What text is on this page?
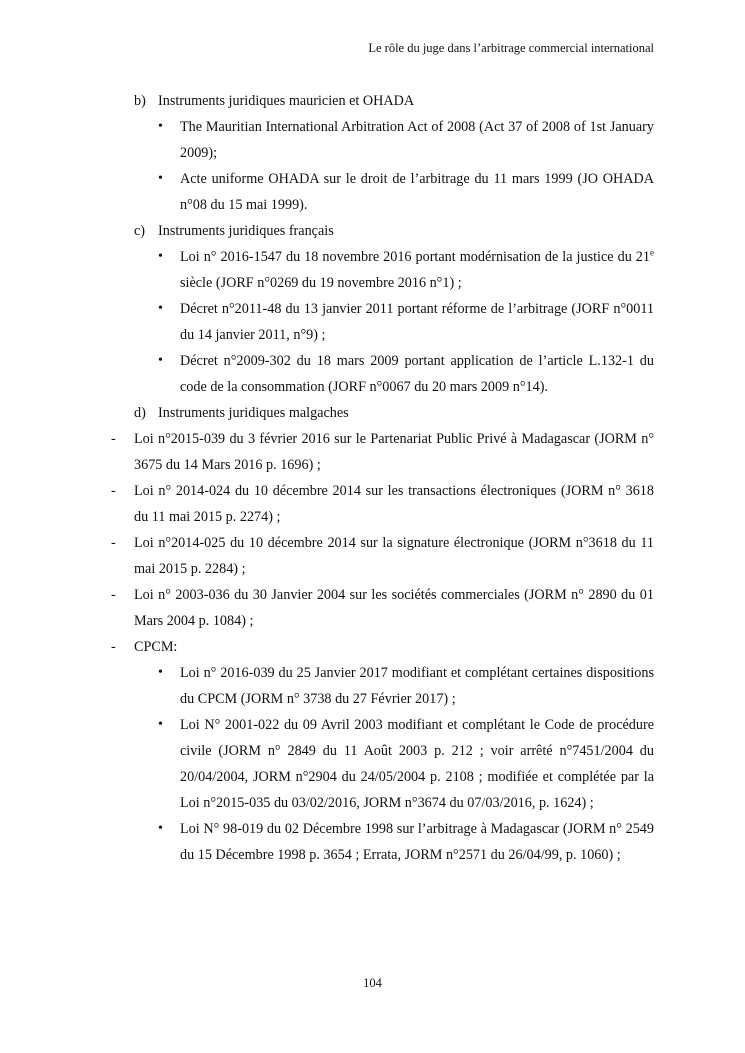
Le rôle du juge dans l’arbitrage commercial international
b) Instruments juridiques mauricien et OHADA
• The Mauritian International Arbitration Act of 2008 (Act 37 of 2008 of 1st January 2009);
• Acte uniforme OHADA sur le droit de l’arbitrage du 11 mars 1999 (JO OHADA n°08 du 15 mai 1999).
c) Instruments juridiques français
• Loi n° 2016-1547 du 18 novembre 2016 portant modérnisation de la justice du 21e siècle (JORF n°0269 du 19 novembre 2016 n°1) ;
• Décret n°2011-48 du 13 janvier 2011 portant réforme de l’arbitrage (JORF n°0011 du 14 janvier 2011, n°9) ;
• Décret n°2009-302 du 18 mars 2009 portant application de l’article L.132-1 du code de la consommation (JORF n°0067 du 20 mars 2009 n°14).
d) Instruments juridiques malgaches
- Loi n°2015-039 du 3 février 2016 sur le Partenariat Public Privé à Madagascar (JORM n° 3675 du 14 Mars 2016 p. 1696) ;
- Loi n° 2014-024 du 10 décembre 2014 sur les transactions électroniques (JORM n° 3618 du 11 mai 2015 p. 2274) ;
- Loi n°2014-025 du 10 décembre 2014 sur la signature électronique (JORM n°3618 du 11 mai 2015 p. 2284) ;
- Loi n° 2003-036 du 30 Janvier 2004 sur les sociétés commerciales (JORM n° 2890 du 01 Mars 2004 p. 1084) ;
- CPCM:
• Loi n° 2016-039 du 25 Janvier 2017 modifiant et complétant certaines dispositions du CPCM (JORM n° 3738 du 27 Février 2017) ;
• Loi N° 2001-022 du 09 Avril 2003 modifiant et complétant le Code de procédure civile (JORM n° 2849 du 11 Août 2003 p. 212 ; voir arrêté n°7451/2004 du 20/04/2004, JORM n°2904 du 24/05/2004 p. 2108 ; modifiée et complétée par la Loi n°2015-035 du 03/02/2016, JORM n°3674 du 07/03/2016, p. 1624) ;
• Loi N° 98-019 du 02 Décembre 1998 sur l’arbitrage à Madagascar (JORM n° 2549 du 15 Décembre 1998 p. 3654 ; Errata, JORM n°2571 du 26/04/99, p. 1060) ;
104
